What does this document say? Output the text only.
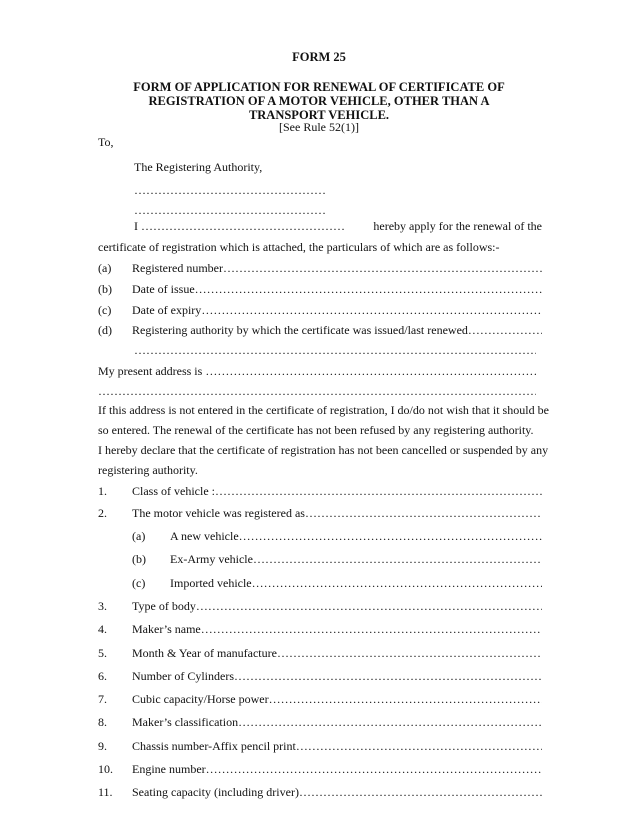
FORM 25
FORM OF APPLICATION FOR RENEWAL OF CERTIFICATE OF
REGISTRATION OF A MOTOR VEHICLE, OTHER THAN A
TRANSPORT VEHICLE.
[See Rule 52(1)]
To,
The Registering Authority,
…………………………………………
…………………………………………
I …………………………………………… hereby apply for the renewal of the
certificate of registration which is attached, the particulars of which are as follows:-
(a) Registered number ………………………………………………………………………………………………………………………………………………
(b) Date of issue ………………………………………………………………………………………………………………………………………………
(c) Date of expiry ………………………………………………………………………………………………………………………………………………
(d) Registering authority by which the certificate was issued/last renewed ………………………………………………………………………………………………………………………………………………
………………………………………………………………………………………………………………………………………………
My present address is ………………………………………………………………………………………………………………………………………………
………………………………………………………………………………………………………………………………………………
If this address is not entered in the certificate of registration, I do/do not wish that it should be
so entered. The renewal of the certificate has not been refused by any registering authority.
I hereby declare that the certificate of registration has not been cancelled or suspended by any
registering authority.
1. Class of vehicle : ………………………………………………………………………………………………………………………………………………
2. The motor vehicle was registered as ………………………………………………………………………………………………………………………………………………
(a) A new vehicle ………………………………………………………………………………………………………………………………………………
(b) Ex-Army vehicle ………………………………………………………………………………………………………………………………………………
(c) Imported vehicle ………………………………………………………………………………………………………………………………………………
3. Type of body ………………………………………………………………………………………………………………………………………………
4. Maker’s name ………………………………………………………………………………………………………………………………………………
5. Month & Year of manufacture ………………………………………………………………………………………………………………………………………………
6. Number of Cylinders ………………………………………………………………………………………………………………………………………………
7. Cubic capacity/Horse power ………………………………………………………………………………………………………………………………………………
8. Maker’s classification ………………………………………………………………………………………………………………………………………………
9. Chassis number-Affix pencil print ………………………………………………………………………………………………………………………………………………
10. Engine number ………………………………………………………………………………………………………………………………………………
11. Seating capacity (including driver) ………………………………………………………………………………………………………………………………………………
